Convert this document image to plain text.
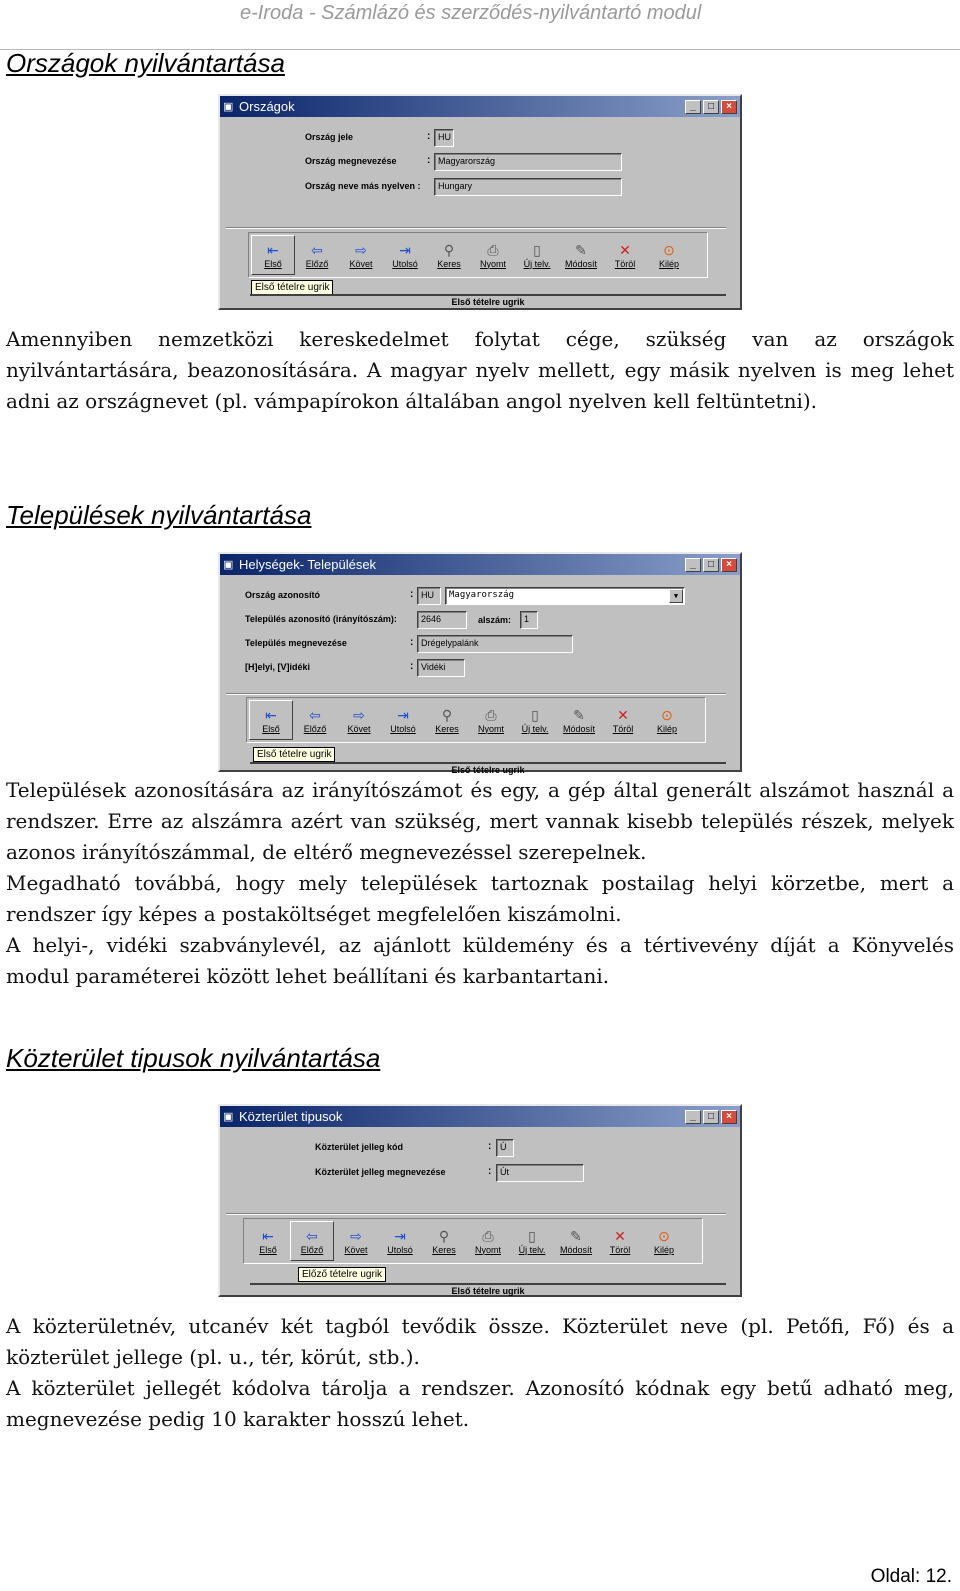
e-Iroda - Számlázó és szerződés-nyilvántartó modul
Országok nyilvántartása
▣ Országok	_	□	×
Ország jele	: HU
Ország megnevezése	: Magyarország
Ország neve más nyelven :	Hungary
⇤
Első
⇦
Előző
⇨
Követ
⇥
Utolsó
⚲
Keres
⎙
Nyomt
▯
Új telv.
✎
Módosít
✕
Töröl
⊙
Kilép
Első tételre ugrik
Első tételre ugrik

Amennyiben nemzetközi kereskedelmet folytat cége, szükség van az országok nyilvántartására, beazonosítására. A magyar nyelv mellett, egy másik nyelven is meg lehet adni az országnevet (pl. vámpapírokon általában angol nyelven kell feltüntetni).

Települések nyilvántartása
▣ Helységek- Települések	_	□	×
Ország azonosító	: HU	Magyarország	▼
Település azonosító (irányítószám):	2646	alszám:	1
Település megnevezése	: Drégelypalánk
[H]elyi, [V]idéki	: Vidéki
⇤
Első
⇦
Előző
⇨
Követ
⇥
Utolsó
⚲
Keres
⎙
Nyomt
▯
Új telv.
✎
Módosít
✕
Töröl
⊙
Kilép
Első tételre ugrik
Első tételre ugrik

Települések azonosítására az irányítószámot és egy, a gép által generált alszámot használ a rendszer. Erre az alszámra azért van szükség, mert vannak kisebb település részek, melyek azonos irányítószámmal, de eltérő megnevezéssel szerepelnek.

Megadható továbbá, hogy mely települések tartoznak postailag helyi körzetbe, mert a rendszer így képes a postaköltséget megfelelően kiszámolni.

A helyi-, vidéki szabványlevél, az ajánlott küldemény és a tértivevény díját a Könyvelés modul paraméterei között lehet beállítani és karbantartani.

Közterület tipusok nyilvántartása
▣ Közterület tipusok	_	□	×
Közterület jelleg kód	: Ú
Közterület jelleg megnevezése	: Út
⇤
Első
⇦
Előző
⇨
Követ
⇥
Utolsó
⚲
Keres
⎙
Nyomt
▯
Új telv.
✎
Módosít
✕
Töröl
⊙
Kilép
Előző tételre ugrik
Első tételre ugrik

A közterületnév, utcanév két tagból tevődik össze. Közterület neve (pl. Petőfi, Fő) és a közterület jellege (pl. u., tér, körút, stb.).

A közterület jellegét kódolva tárolja a rendszer. Azonosító kódnak egy betű adható meg, megnevezése pedig 10 karakter hosszú lehet.

Oldal: 12.
